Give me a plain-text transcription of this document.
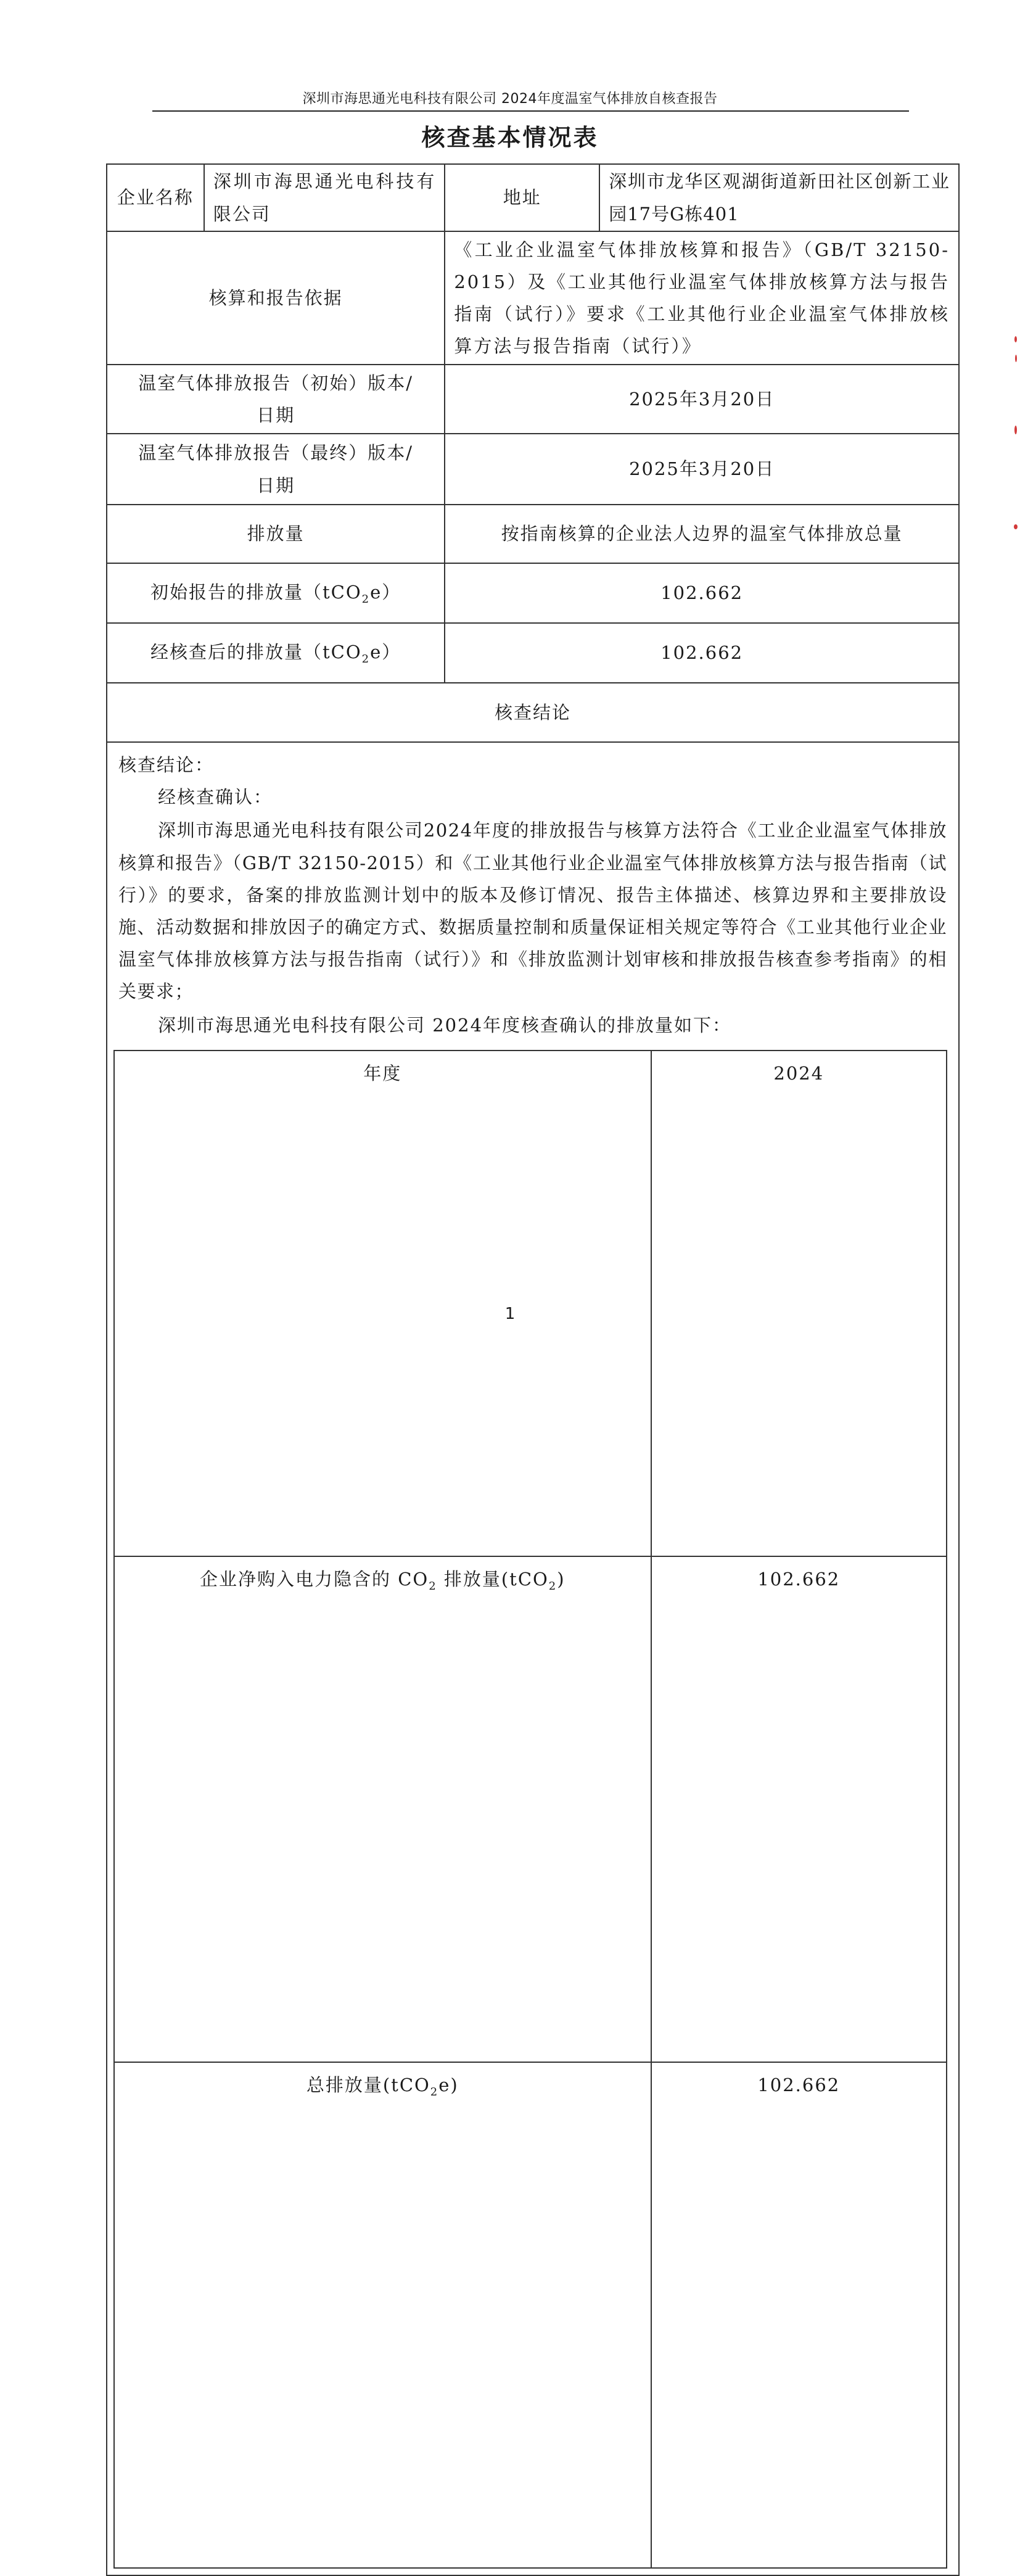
深圳市海思通光电科技有限公司 2024年度温室气体排放自核查报告
核查基本情况表
企业名称	深圳市海思通光电科技有限公司	地址	深圳市龙华区观湖街道新田社区创新工业园17号G栋401
核算和报告依据	《工业企业温室气体排放核算和报告》（GB/T 32150-2015）及《工业其他行业温室气体排放核算方法与报告指南（试行）》要求《工业其他行业企业温室气体排放核算方法与报告指南（试行）》
温室气体排放报告（初始）版本/日期	2025年3月20日
温室气体排放报告（最终）版本/日期	2025年3月20日
排放量	按指南核算的企业法人边界的温室气体排放总量
初始报告的排放量（tCO$_2$e）	102.662
经核查后的排放量（tCO$_2$e）	102.662
核查结论

核查结论：

经核查确认：

深圳市海思通光电科技有限公司2024年度的排放报告与核算方法符合《工业企业温室气体排放核算和报告》（GB/T 32150-2015）和《工业其他行业企业温室气体排放核算方法与报告指南（试行）》的要求，备案的排放监测计划中的版本及修订情况、报告主体描述、核算边界和主要排放设施、活动数据和排放因子的确定方式、数据质量控制和质量保证相关规定等符合《工业其他行业企业温室气体排放核算方法与报告指南（试行）》和《排放监测计划审核和排放报告核查参考指南》的相关要求；

深圳市海思通光电科技有限公司 2024年度核查确认的排放量如下：

年度	2024
企业净购入电力隐含的 $CO_2$ 排放量(tCO$_2$)	102.662
总排放量(tCO$_2$e)	102.662
1
